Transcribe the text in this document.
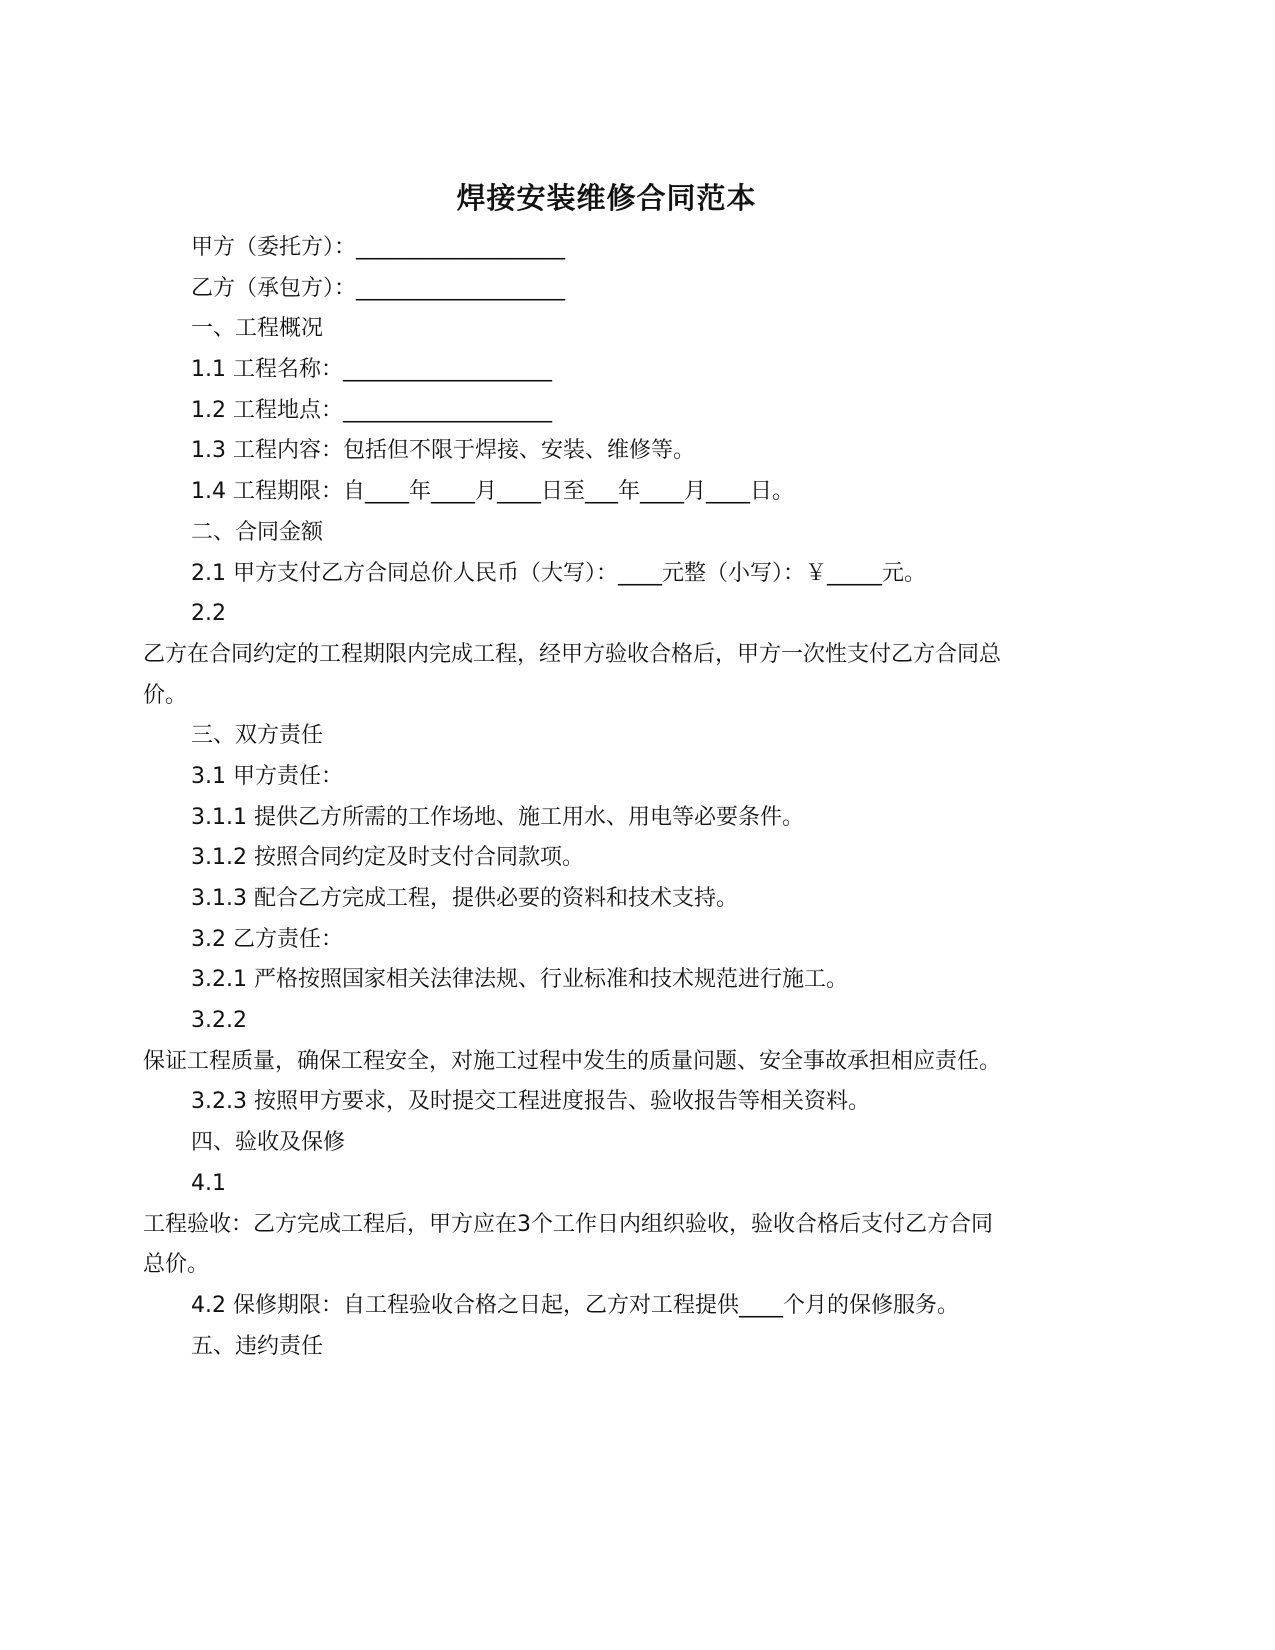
焊接安装维修合同范本
甲方（委托方）：___________________
乙方（承包方）：___________________
一、工程概况
1.1 工程名称：___________________
1.2 工程地点：___________________
1.3 工程内容：包括但不限于焊接、安装、维修等。
1.4 工程期限：自____年____月____日至___年____月____日。
二、合同金额
2.1 甲方支付乙方合同总价人民币（大写）：____元整（小写）：￥_____元。
2.2
乙方在合同约定的工程期限内完成工程，经甲方验收合格后，甲方一次性支付乙方合同总
价。
三、双方责任
3.1 甲方责任：
3.1.1 提供乙方所需的工作场地、施工用水、用电等必要条件。
3.1.2 按照合同约定及时支付合同款项。
3.1.3 配合乙方完成工程，提供必要的资料和技术支持。
3.2 乙方责任：
3.2.1 严格按照国家相关法律法规、行业标准和技术规范进行施工。
3.2.2
保证工程质量，确保工程安全，对施工过程中发生的质量问题、安全事故承担相应责任。
3.2.3 按照甲方要求，及时提交工程进度报告、验收报告等相关资料。
四、验收及保修
4.1
工程验收：乙方完成工程后，甲方应在3个工作日内组织验收，验收合格后支付乙方合同
总价。
4.2 保修期限：自工程验收合格之日起，乙方对工程提供____个月的保修服务。
五、违约责任
